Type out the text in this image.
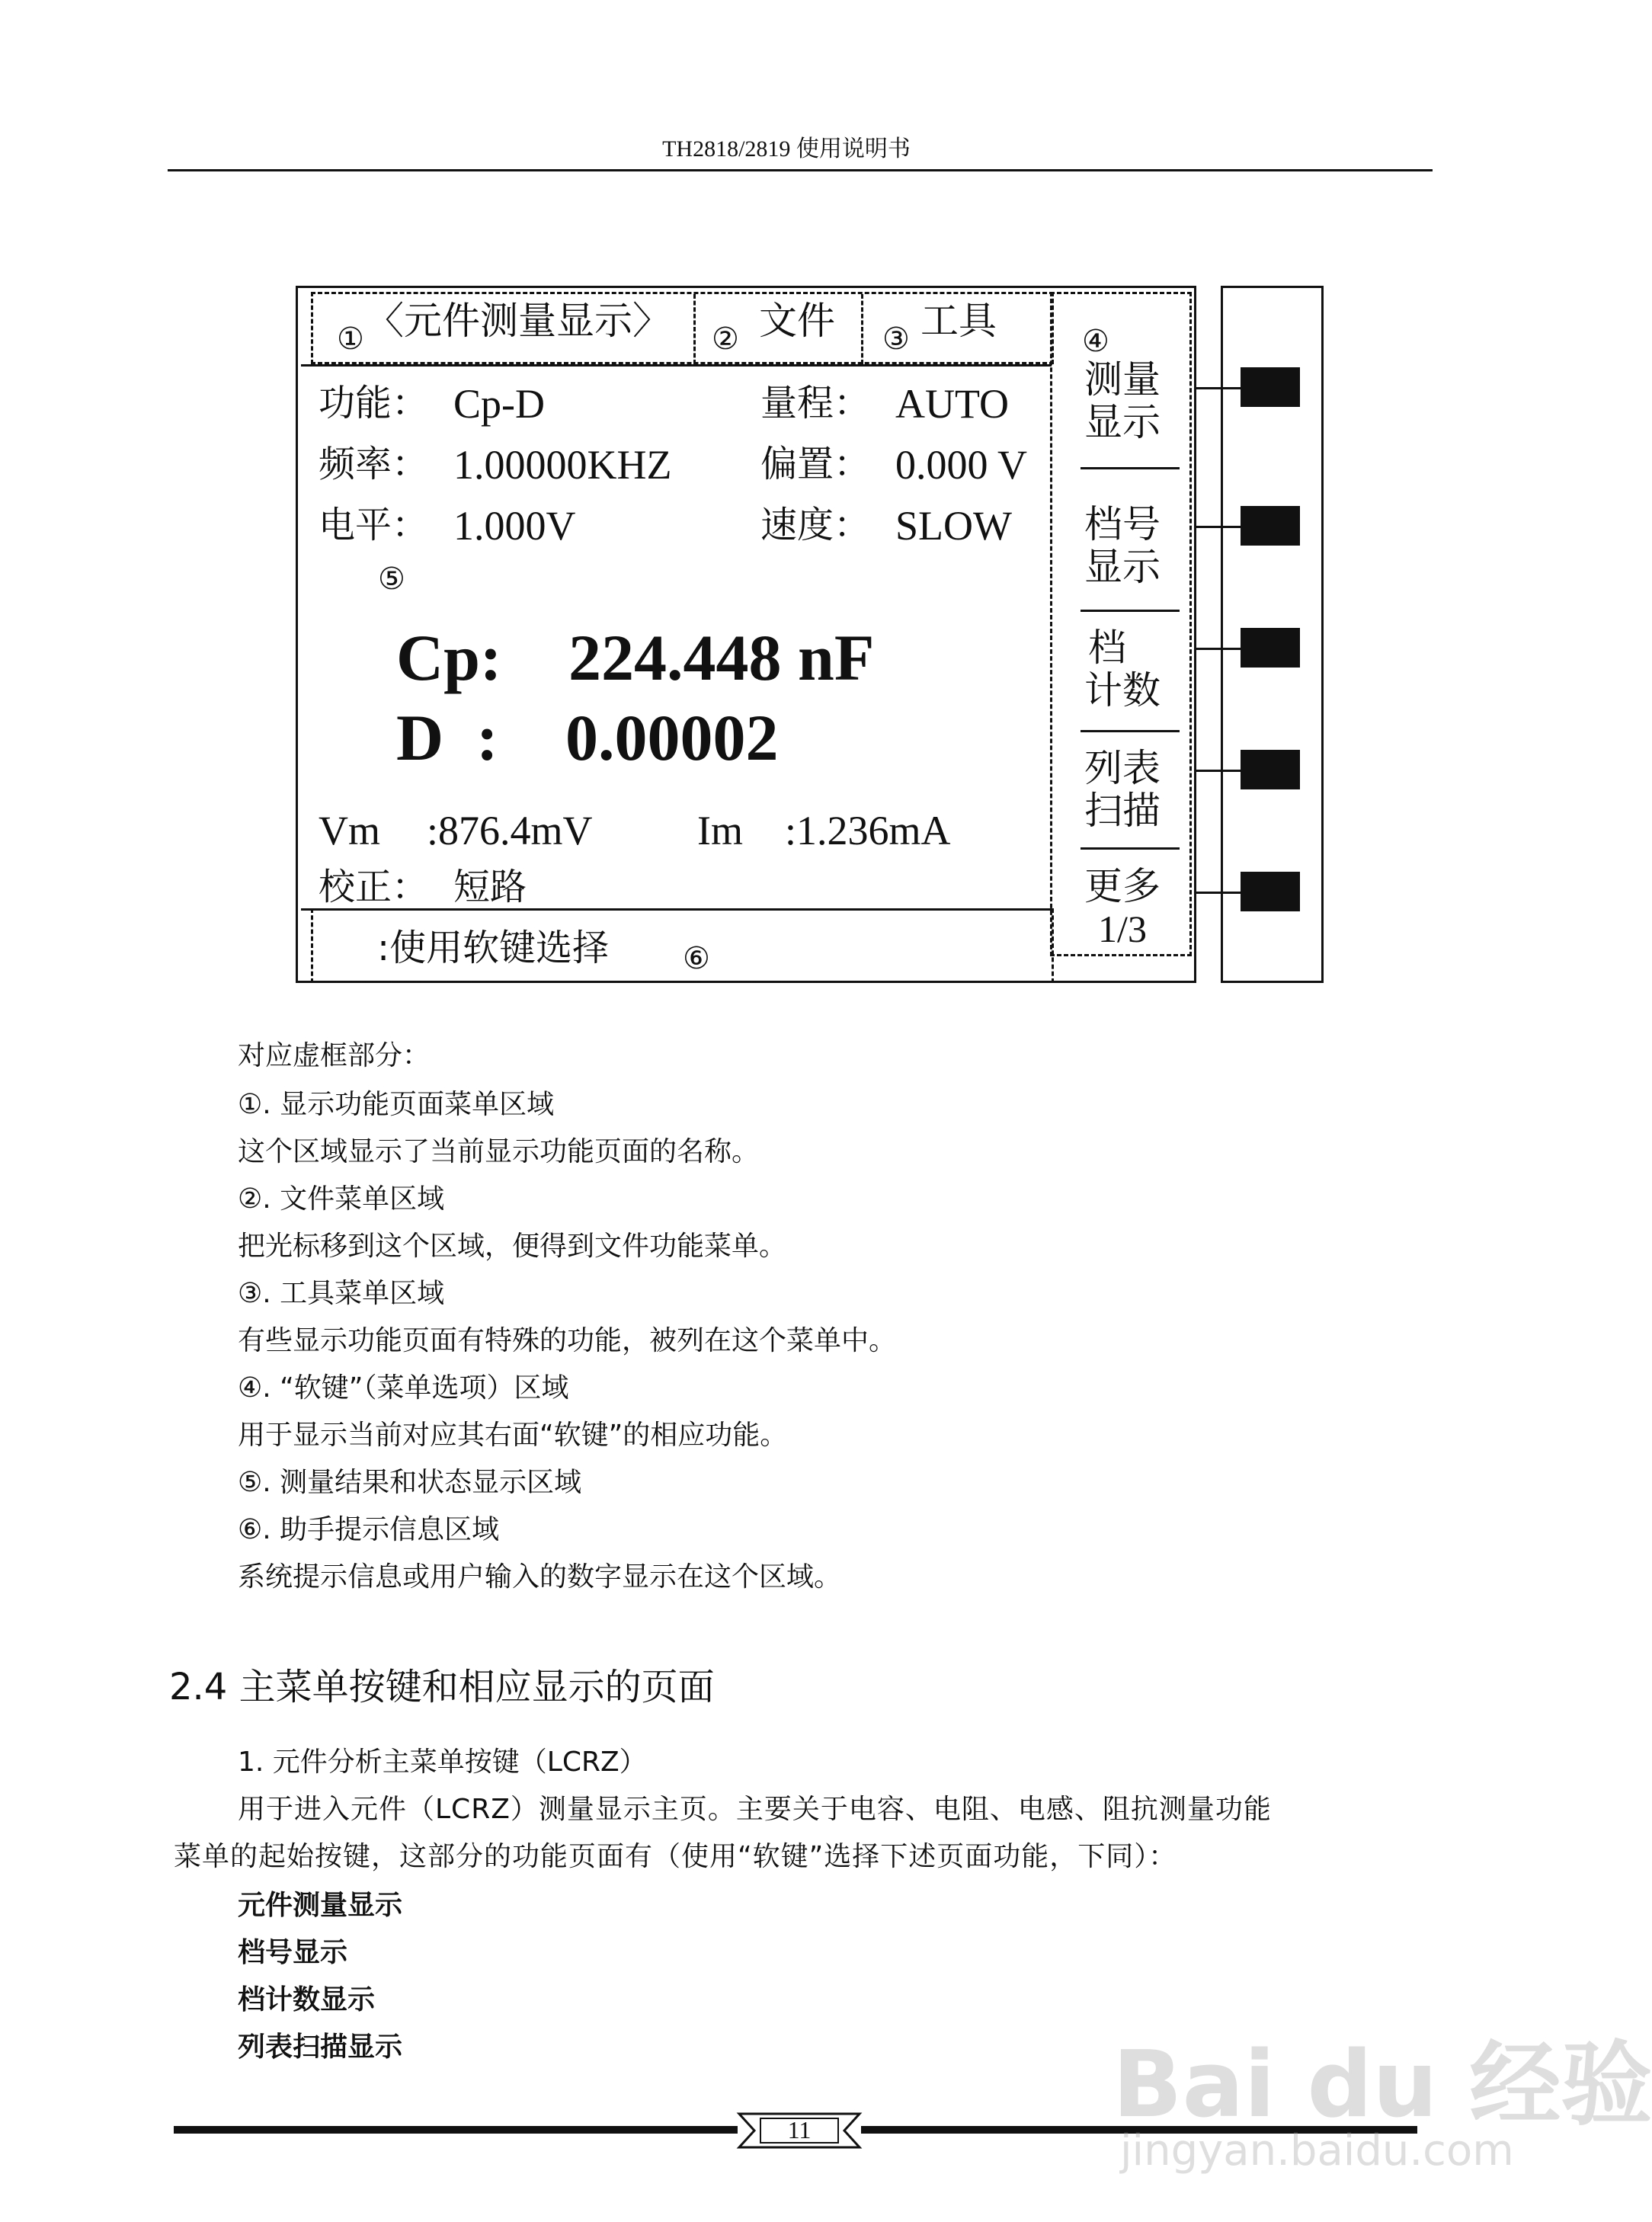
TH2818/2819 使用说明书
① 〈元件测量显示〉 ② 文件 ③ 工具
功能： Cp-D	量程： AUTO
频率： 1.00000KHZ 偏置： 0.000 V
电平： 1.000V	速度： SLOW
⑤
Cp: 224.448 nF
D  : 0.00002
Vm :876.4mV	Im :1.236mA
校正： 短路
:使用软键选择 ⑥
④
测量
显示
档号
显示
档
计数
列表
扫描
更多
1/3
对应虚框部分：
①. 显示功能页面菜单区域
这个区域显示了当前显示功能页面的名称。
②. 文件菜单区域
把光标移到这个区域，便得到文件功能菜单。
③. 工具菜单区域
有些显示功能页面有特殊的功能，被列在这个菜单中。
④. “软键”（菜单选项）区域
用于显示当前对应其右面“软键”的相应功能。
⑤. 测量结果和状态显示区域
⑥. 助手提示信息区域
系统提示信息或用户输入的数字显示在这个区域。
2.4 主菜单按键和相应显示的页面
1. 元件分析主菜单按键（LCRZ）
用于进入元件（LCRZ）测量显示主页。主要关于电容、电阻、电感、阻抗测量功能
菜单的起始按键，这部分的功能页面有（使用“软键”选择下述页面功能，下同）：
元件测量显示
档号显示
档计数显示
列表扫描显示
11	Bai du 经验
jingyan.baidu.com
